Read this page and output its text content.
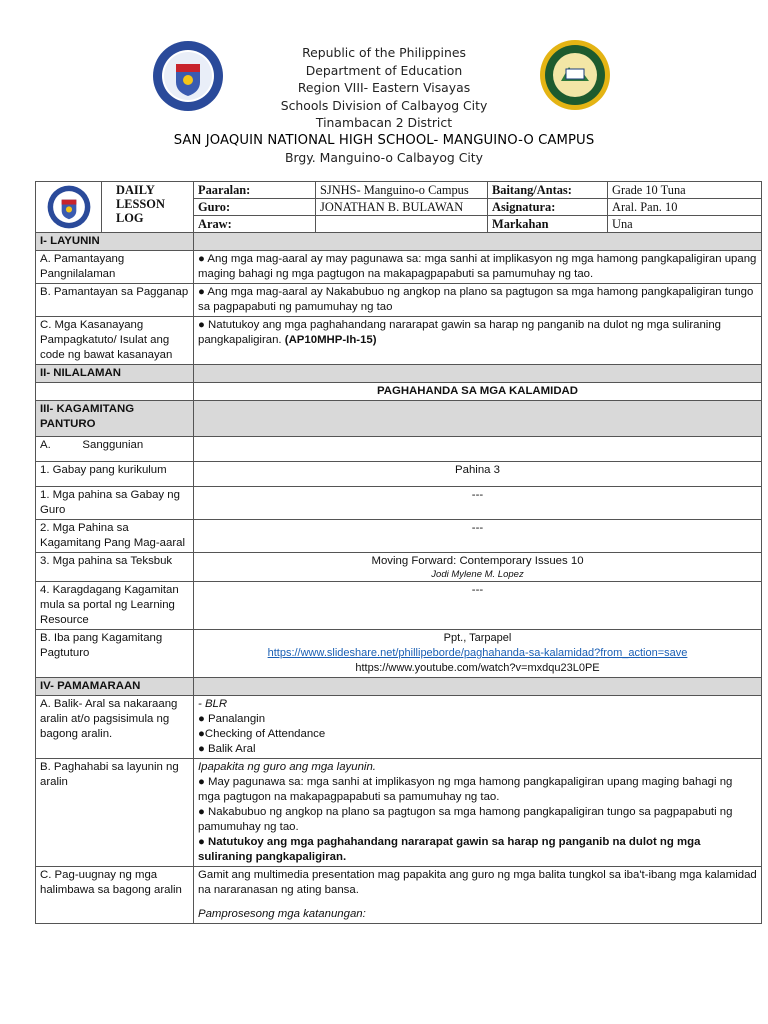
Republic of the Philippines
Department of Education
Region VIII- Eastern Visayas
Schools Division of Calbayog City
Tinambacan 2 District
SAN JOAQUIN NATIONAL HIGH SCHOOL- MANGUINO-O CAMPUS
Brgy. Manguino-o Calbayog City

DAILY
LESSON
LOG	Paaralan:	SJNHS- Manguino-o Campus	Baitang/Antas:	Grade 10 Tuna
		Guro:	JONATHAN B. BULAWAN	Asignatura:	Aral. Pan. 10
		Araw:		Markahan	Una
I- LAYUNIN					
A. Pamantayang Pangnilalaman		● Ang mga mag-aaral ay may pagunawa sa: mga sanhi at implikasyon ng mga hamong pangkapaligiran upang maging bahagi ng mga pagtugon na makapagpapabuti sa pamumuhay ng tao.			
B. Pamantayan sa Pagganap		● Ang mga mag-aaral ay Nakabubuo ng angkop na plano sa pagtugon sa mga hamong pangkapaligiran tungo sa pagpapabuti ng pamumuhay ng tao			
C. Mga Kasanayang Pampagkatuto/ Isulat ang code ng bawat kasanayan		● Natutukoy ang mga paghahandang nararapat gawin sa harap ng panganib na dulot ng mga suliraning pangkapaligiran. (AP10MHP-Ih-15)			
II- NILALAMAN					
		PAGHAHANDA SA MGA KALAMIDAD			
III- KAGAMITANG PANTURO					
A.          Sanggunian					
1. Gabay pang kurikulum		Pahina 3			
1. Mga pahina sa Gabay ng Guro		---			
2. Mga Pahina sa Kagamitang Pang Mag-aaral		---			
3. Mga pahina sa Teksbuk		Moving Forward: Contemporary Issues 10
Jodi Mylene M. Lopez			

4. Karagdagang Kagamitan mula sa portal ng Learning Resource		---			
B. Iba pang Kagamitang Pagtuturo		Ppt., Tarpapel
https://www.slideshare.net/phillipeborde/paghahanda-sa-kalamidad?from_action=save
https://www.youtube.com/watch?v=mxdqu23L0PE			

IV- PAMAMARAAN					
A. Balik- Aral sa nakaraang aralin at/o pagsisimula ng bagong aralin.		- BLR
● Panalangin
●Checking of Attendance
● Balik Aral			

B. Paghahabi sa layunin ng aralin		Ipapakita ng guro ang mga layunin.
● May pagunawa sa: mga sanhi at implikasyon ng mga hamong pangkapaligiran upang maging bahagi ng mga pagtugon na makapagpapabuti sa pamumuhay ng tao.
● Nakabubuo ng angkop na plano sa pagtugon sa mga hamong pangkapaligiran tungo sa pagpapabuti ng pamumuhay ng tao.
● Natutukoy ang mga paghahandang nararapat gawin sa harap ng panganib na dulot ng mga suliraning pangkapaligiran.			

C. Pag-uugnay ng mga halimbawa sa bagong aralin		Gamit ang multimedia presentation mag papakita ang guro ng mga balita tungkol sa iba't-ibang mga kalamidad na nararanasan ng ating bansa.
Pamprosesong mga katanungan:			
